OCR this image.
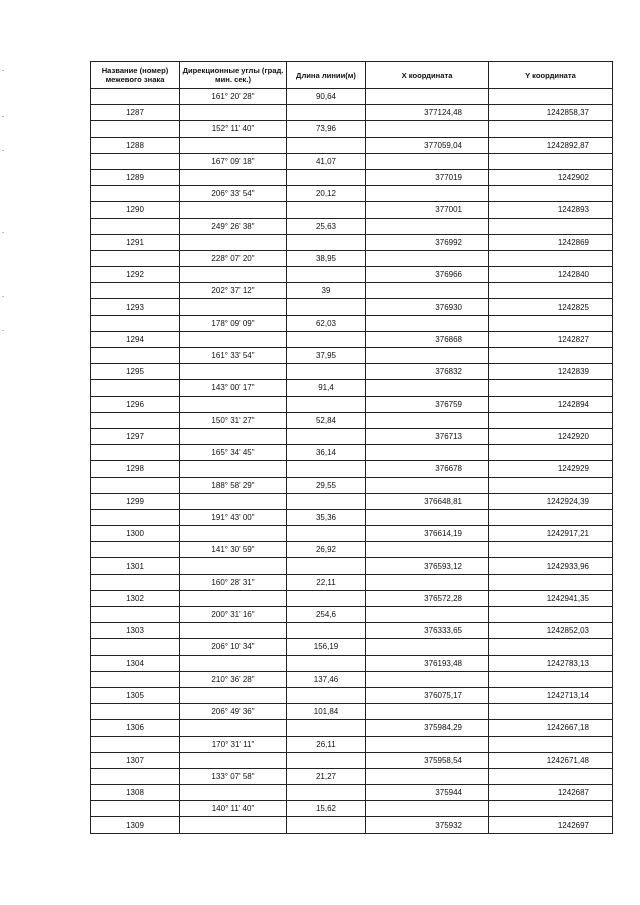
Название (номер) межевого знака	Дирекционные углы (град. мин. сек.)	Длина линии(м)	X координата	Y координата
	161° 20' 28"	90,64		
1287			377124,48	1242858,37
	152° 11' 40"	73,96		
1288			377059,04	1242892,87
	167° 09' 18"	41,07		
1289			377019	1242902
	206° 33' 54"	20,12		
1290			377001	1242893
	249° 26' 38"	25,63		
1291			376992	1242869
	228° 07' 20"	38,95		
1292			376966	1242840
	202° 37' 12"	39		
1293			376930	1242825
	178° 09' 09"	62,03		
1294			376868	1242827
	161° 33' 54"	37,95		
1295			376832	1242839
	143° 00' 17"	91,4		
1296			376759	1242894
	150° 31' 27"	52,84		
1297			376713	1242920
	165° 34' 45"	36,14		
1298			376678	1242929
	188° 58' 29"	29,55		
1299			376648,81	1242924,39
	191° 43' 00"	35,36		
1300			376614,19	1242917,21
	141° 30' 59"	26,92		
1301			376593,12	1242933,96
	160° 28' 31"	22,11		
1302			376572,28	1242941,35
	200° 31' 16"	254,6		
1303			376333,65	1242852,03
	206° 10' 34"	156,19		
1304			376193,48	1242783,13
	210° 36' 28"	137,46		
1305			376075,17	1242713,14
	206° 49' 36"	101,84		
1306			375984,29	1242667,18
	170° 31' 11"	26,11		
1307			375958,54	1242671,48
	133° 07' 58"	21,27		
1308			375944	1242687
	140° 11' 40"	15,62		
1309			375932	1242697
